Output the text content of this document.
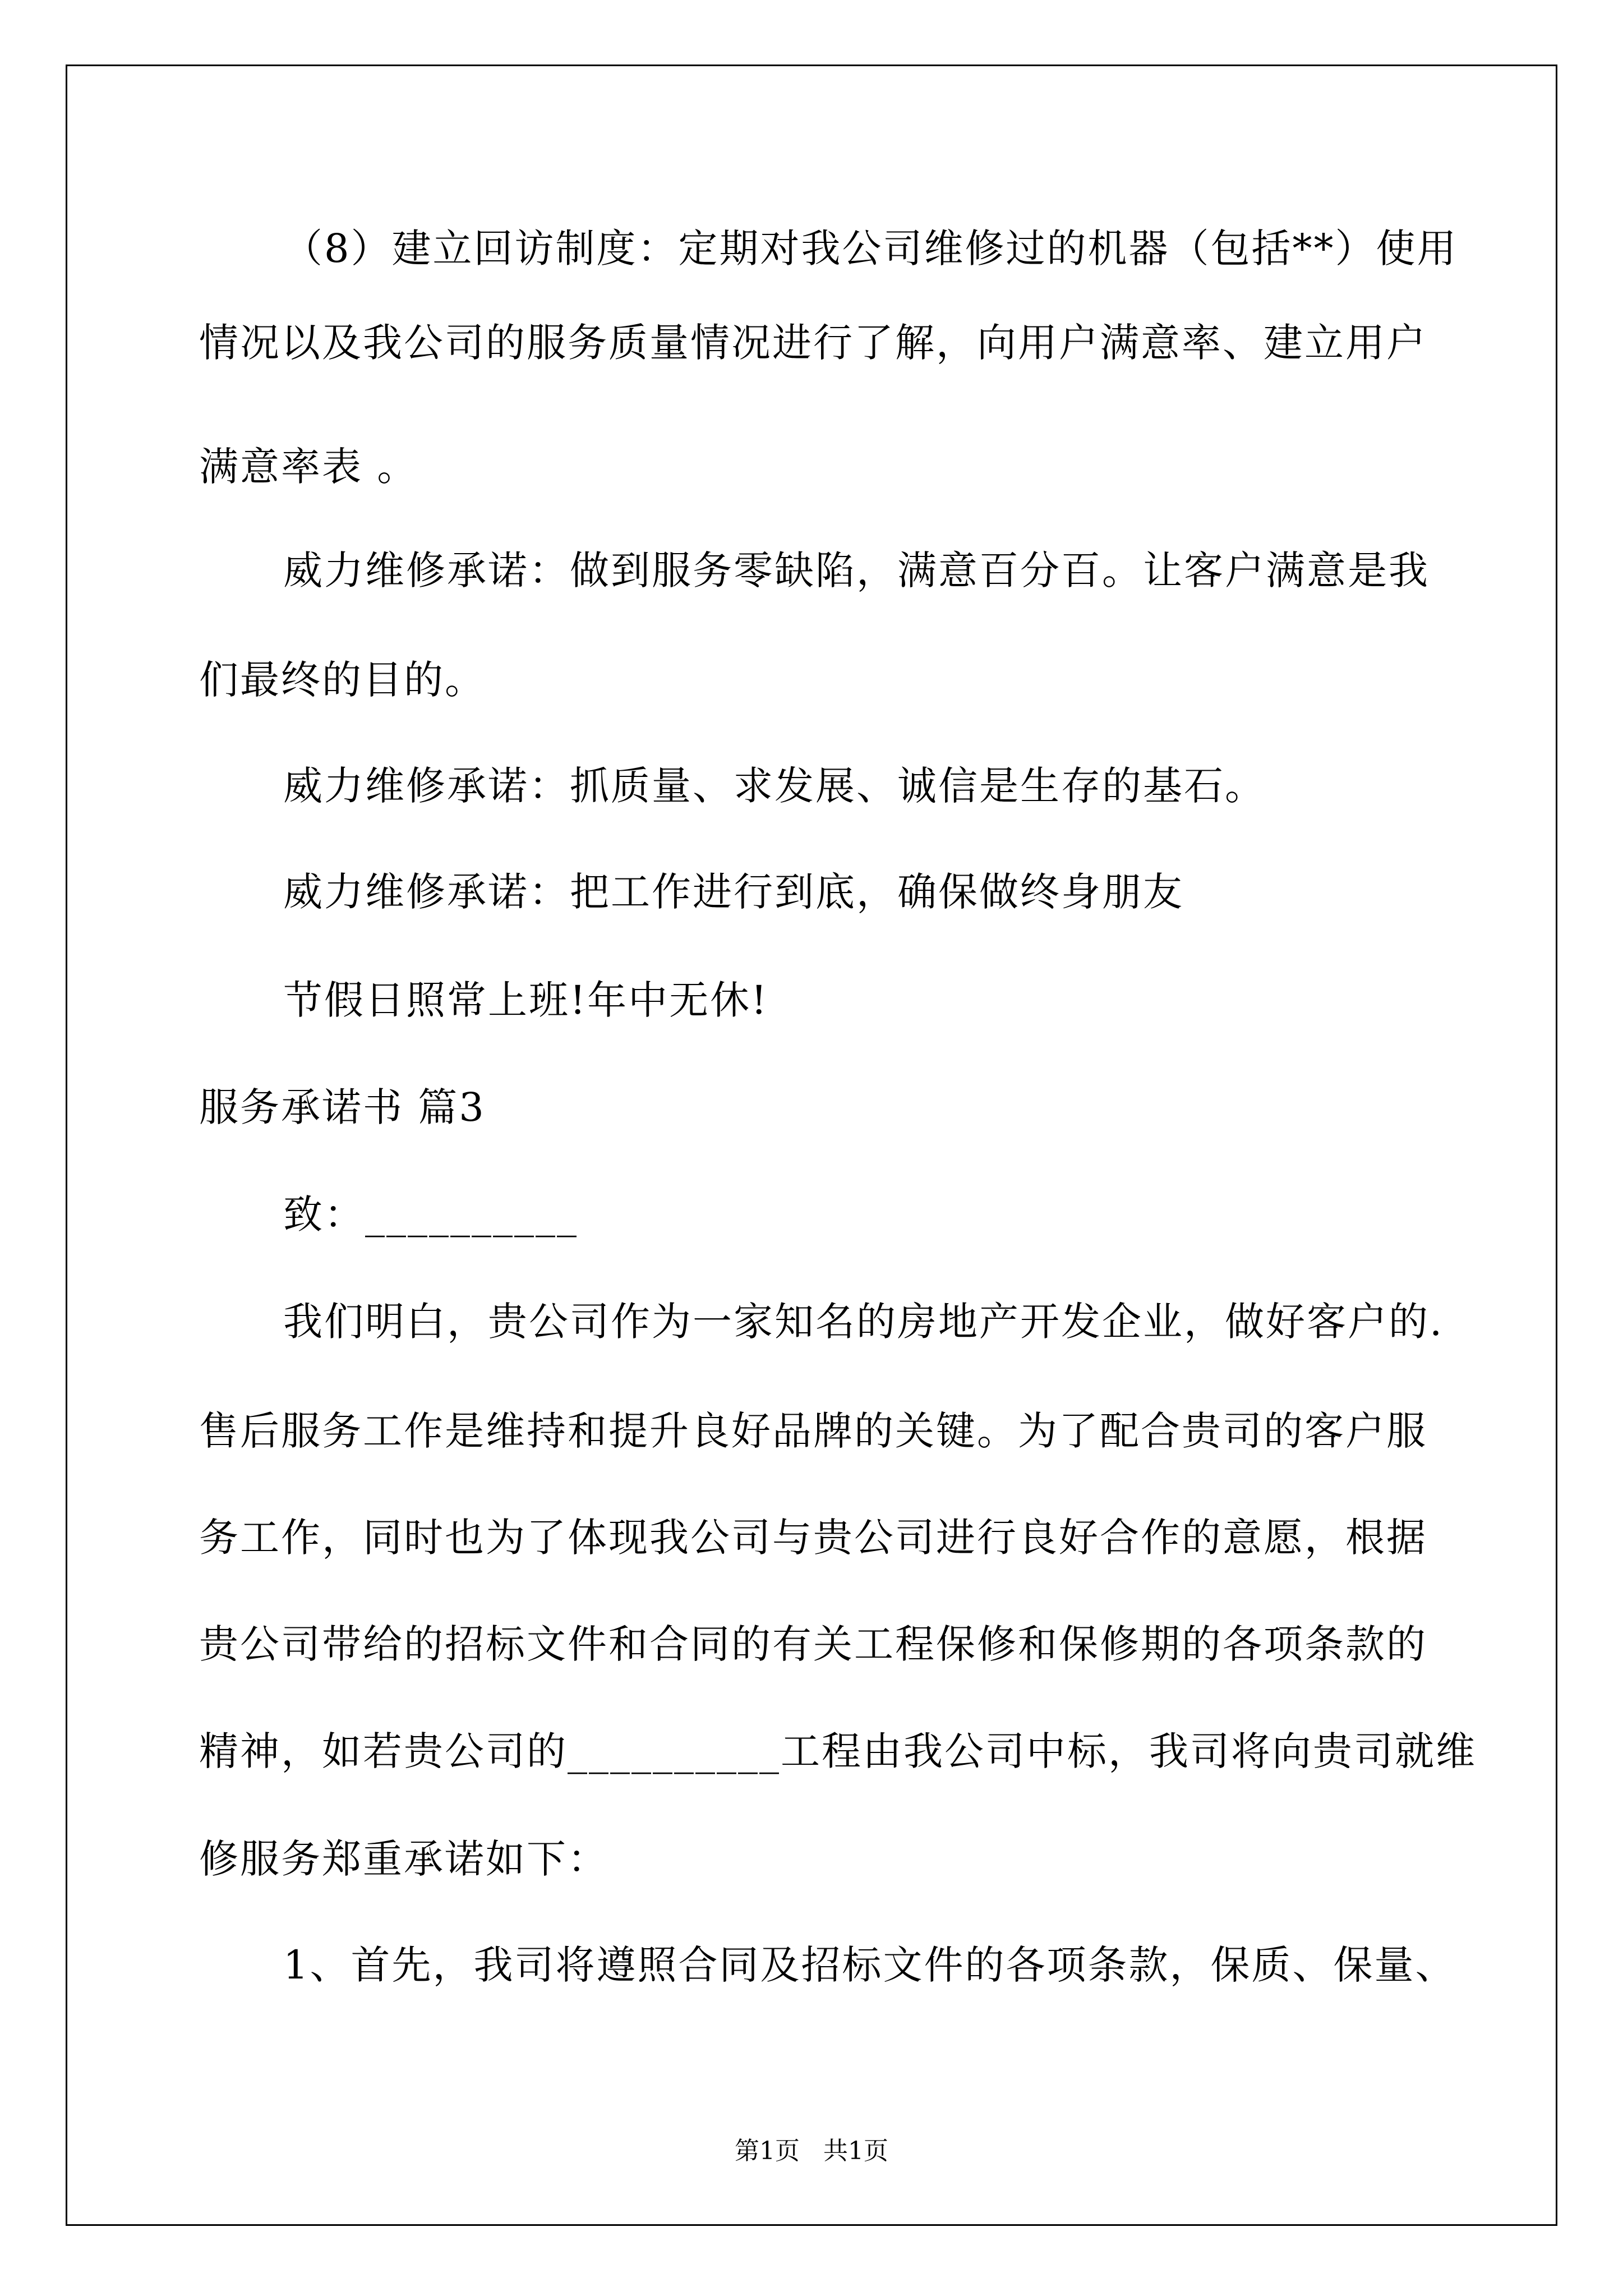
（8）建立回访制度：定期对我公司维修过的机器（包括**）使用
情况以及我公司的服务质量情况进行了解，向用户满意率、建立用户
满意率表 。
威力维修承诺：做到服务零缺陷，满意百分百。让客户满意是我
们最终的目的。
威力维修承诺：抓质量、求发展、诚信是生存的基石。
威力维修承诺：把工作进行到底，确保做终身朋友
节假日照常上班!年中无休!
服务承诺书 篇3
致：__________
我们明白，贵公司作为一家知名的房地产开发企业，做好客户的.
售后服务工作是维持和提升良好品牌的关键。为了配合贵司的客户服
务工作，同时也为了体现我公司与贵公司进行良好合作的意愿，根据
贵公司带给的招标文件和合同的有关工程保修和保修期的各项条款的
精神，如若贵公司的__________工程由我公司中标，我司将向贵司就维
修服务郑重承诺如下：
1、首先，我司将遵照合同及招标文件的各项条款，保质、保量、
第1页   共1页
